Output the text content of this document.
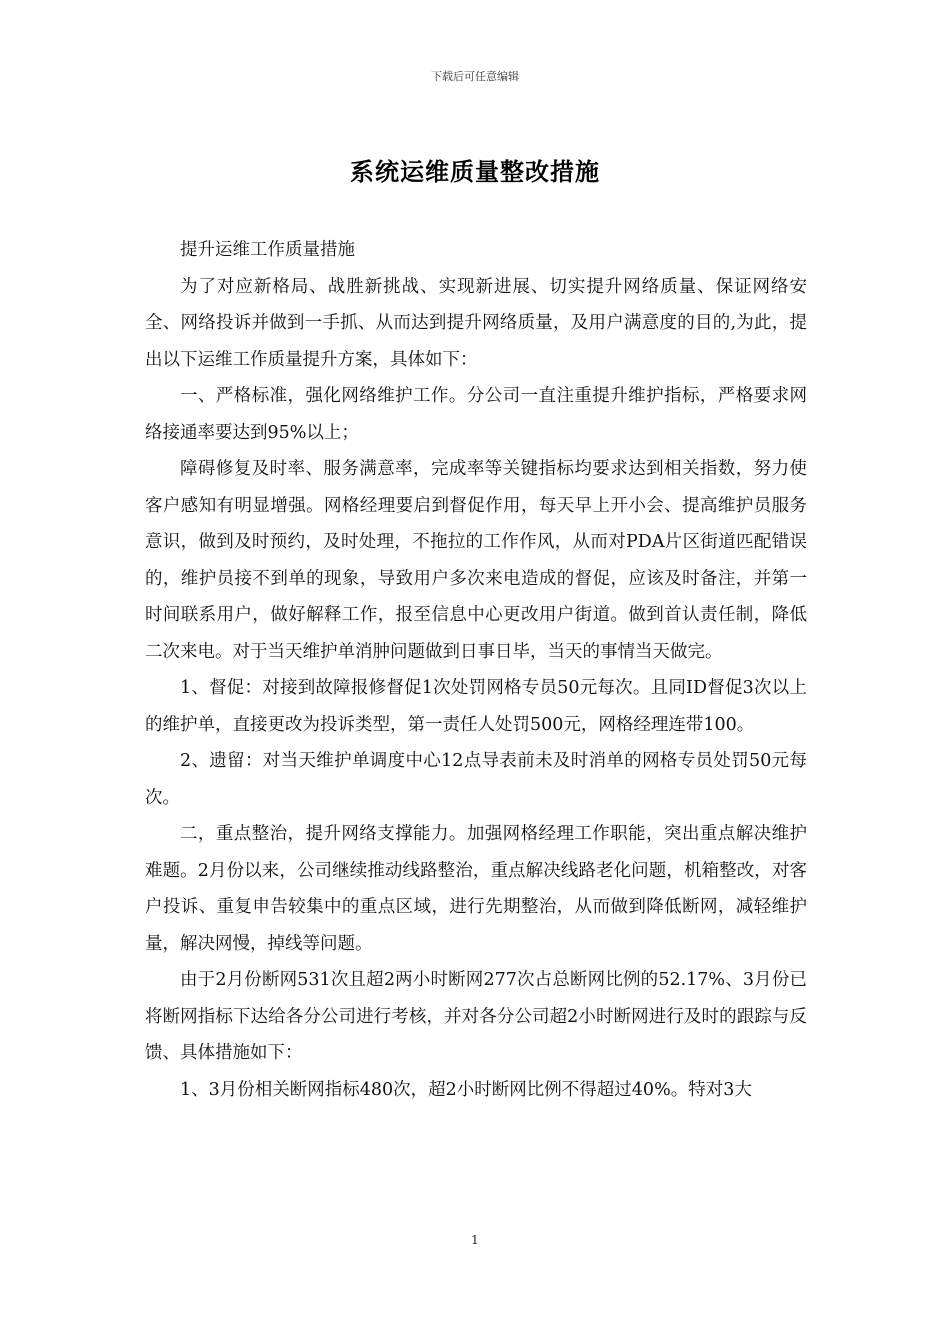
下载后可任意编辑
系统运维质量整改措施

提升运维工作质量措施

为了对应新格局、战胜新挑战、实现新进展、切实提升网络质量、保证网络安全、网络投诉并做到一手抓、从而达到提升网络质量，及用户满意度的目的,为此，提出以下运维工作质量提升方案，具体如下：

一、严格标准，强化网络维护工作。分公司一直注重提升维护指标，严格要求网络接通率要达到95%以上；

障碍修复及时率、服务满意率，完成率等关键指标均要求达到相关指数，努力使客户感知有明显增强。网格经理要启到督促作用，每天早上开小会、提高维护员服务意识，做到及时预约，及时处理，不拖拉的工作作风，从而对PDA片区街道匹配错误的，维护员接不到单的现象，导致用户多次来电造成的督促，应该及时备注，并第一时间联系用户，做好解释工作，报至信息中心更改用户街道。做到首认责任制，降低二次来电。对于当天维护单消肿问题做到日事日毕，当天的事情当天做完。

1、督促：对接到故障报修督促1次处罚网格专员50元每次。且同ID督促3次以上的维护单，直接更改为投诉类型，第一责任人处罚500元，网格经理连带100。

2、遗留：对当天维护单调度中心12点导表前未及时消单的网格专员处罚50元每次。

二，重点整治，提升网络支撑能力。加强网格经理工作职能，突出重点解决维护难题。2月份以来，公司继续推动线路整治，重点解决线路老化问题，机箱整改，对客户投诉、重复申告较集中的重点区域，进行先期整治，从而做到降低断网，减轻维护量，解决网慢，掉线等问题。

由于2月份断网531次且超2两小时断网277次占总断网比例的52.17%、3月份已将断网指标下达给各分公司进行考核，并对各分公司超2小时断网进行及时的跟踪与反馈、具体措施如下：

1、3月份相关断网指标480次，超2小时断网比例不得超过40%。特对3大

1
